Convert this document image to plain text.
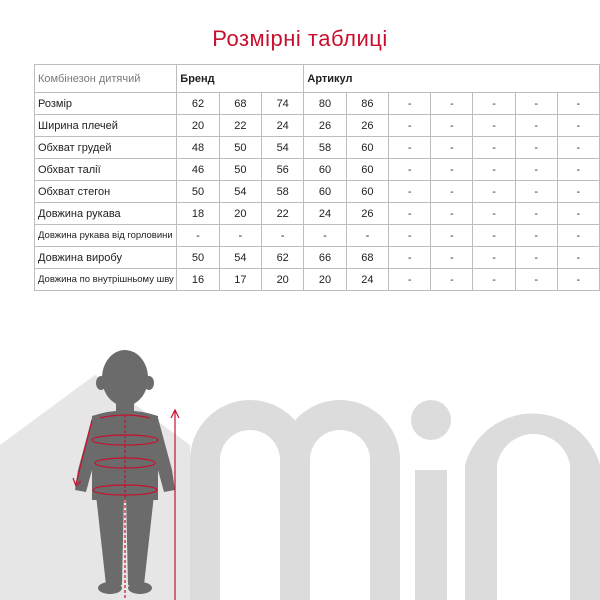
Розмірні таблиці
Комбінезон дитячий	Бренд			Артикул						
Розмір	62	68	74	80	86	-	-	-	-	-
Ширина плечей	20	22	24	26	26	-	-	-	-	-
Обхват грудей	48	50	54	58	60	-	-	-	-	-
Обхват талії	46	50	56	60	60	-	-	-	-	-
Обхват стегон	50	54	58	60	60	-	-	-	-	-
Довжина рукава	18	20	22	24	26	-	-	-	-	-
Довжина рукава від горловини	-	-	-	-	-	-	-	-	-	-
Довжина виробу	50	54	62	66	68	-	-	-	-	-
Довжина по внутрішньому шву	16	17	20	20	24	-	-	-	-	-
